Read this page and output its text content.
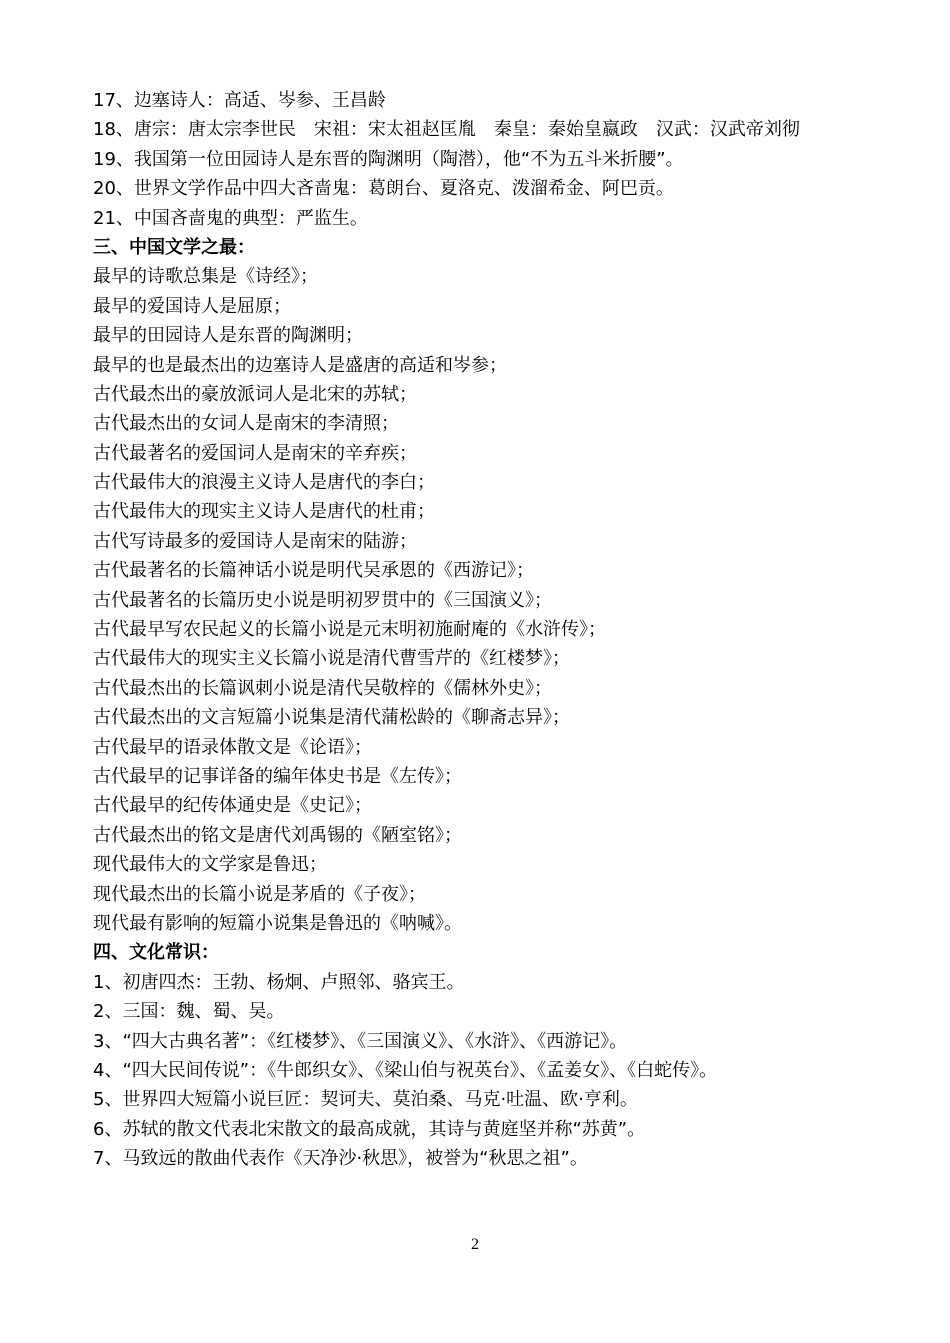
17、边塞诗人：高适、岑参、王昌龄
18、唐宗：唐太宗李世民　宋祖：宋太祖赵匡胤　秦皇：秦始皇嬴政　汉武：汉武帝刘彻
19、我国第一位田园诗人是东晋的陶渊明（陶潜），他“不为五斗米折腰”。
20、世界文学作品中四大吝啬鬼：葛朗台、夏洛克、泼溜希金、阿巴贡。
21、中国吝啬鬼的典型：严监生。
三、中国文学之最：
最早的诗歌总集是《诗经》；
最早的爱国诗人是屈原；
最早的田园诗人是东晋的陶渊明；
最早的也是最杰出的边塞诗人是盛唐的高适和岑参；
古代最杰出的豪放派词人是北宋的苏轼；
古代最杰出的女词人是南宋的李清照；
古代最著名的爱国词人是南宋的辛弃疾；
古代最伟大的浪漫主义诗人是唐代的李白；
古代最伟大的现实主义诗人是唐代的杜甫；
古代写诗最多的爱国诗人是南宋的陆游；
古代最著名的长篇神话小说是明代吴承恩的《西游记》；
古代最著名的长篇历史小说是明初罗贯中的《三国演义》；
古代最早写农民起义的长篇小说是元末明初施耐庵的《水浒传》；
古代最伟大的现实主义长篇小说是清代曹雪芹的《红楼梦》；
古代最杰出的长篇讽刺小说是清代吴敬梓的《儒林外史》；
古代最杰出的文言短篇小说集是清代蒲松龄的《聊斋志异》；
古代最早的语录体散文是《论语》；
古代最早的记事详备的编年体史书是《左传》；
古代最早的纪传体通史是《史记》；
古代最杰出的铭文是唐代刘禹锡的《陋室铭》；
现代最伟大的文学家是鲁迅；
现代最杰出的长篇小说是茅盾的《子夜》；
现代最有影响的短篇小说集是鲁迅的《呐喊》。
四、文化常识：
1、初唐四杰：王勃、杨炯、卢照邻、骆宾王。
2、三国：魏、蜀、吴。
3、“四大古典名著”：《红楼梦》、《三国演义》、《水浒》、《西游记》。
4、“四大民间传说”：《牛郎织女》、《梁山伯与祝英台》、《孟姜女》、《白蛇传》。
5、世界四大短篇小说巨匠：契诃夫、莫泊桑、马克·吐温、欧·亨利。
6、苏轼的散文代表北宋散文的最高成就，其诗与黄庭坚并称“苏黄”。
7、马致远的散曲代表作《天净沙·秋思》，被誉为“秋思之祖”。
2
